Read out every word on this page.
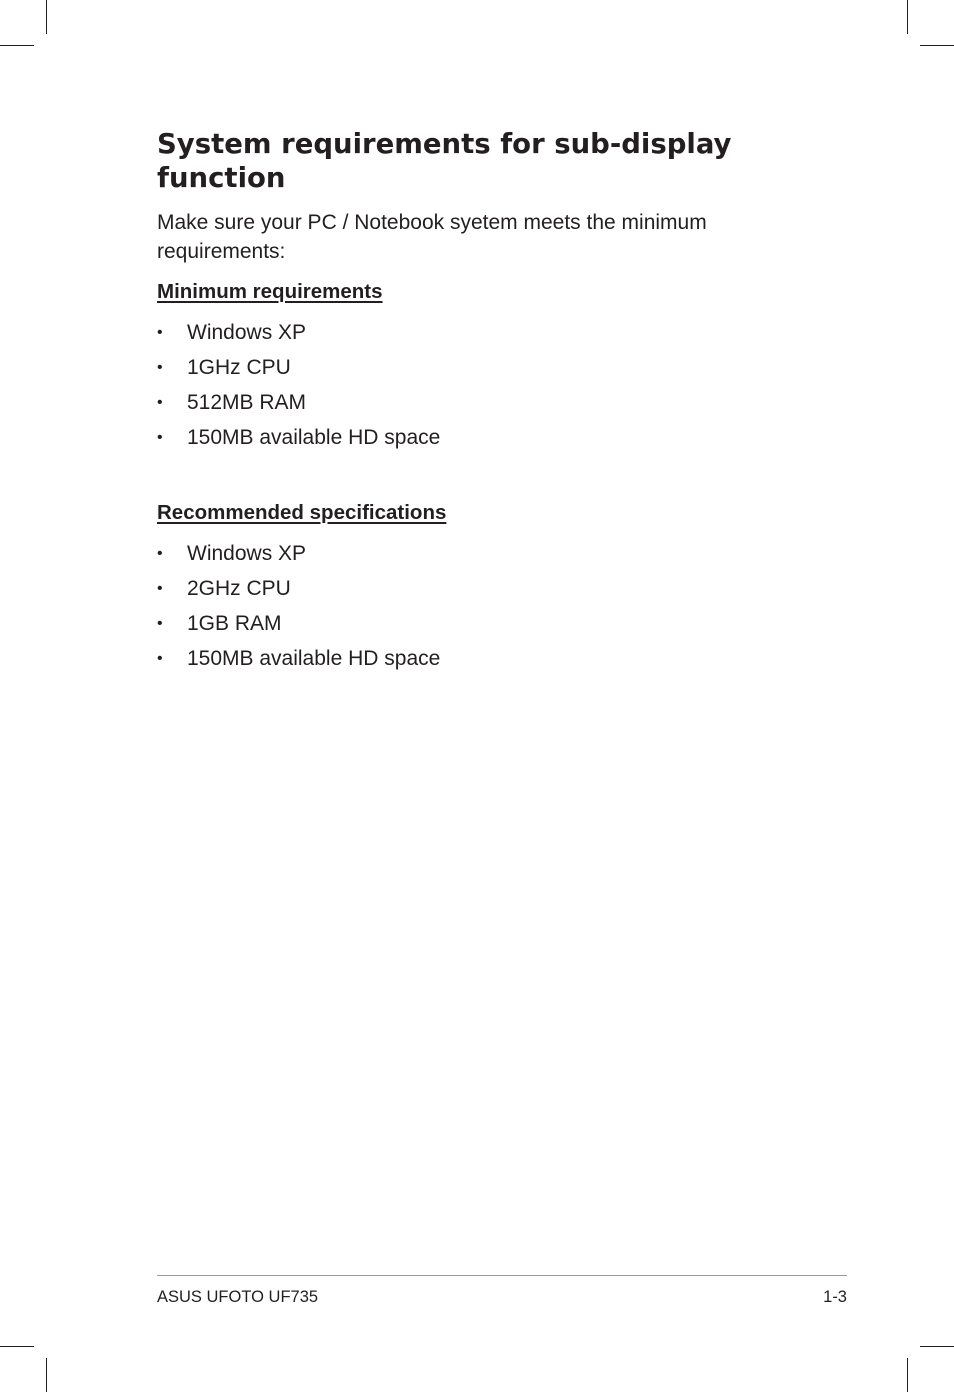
System requirements for sub-display function

Make sure your PC / Notebook syetem meets the minimum requirements:

Minimum requirements
•	Windows XP
•	1GHz CPU
•	512MB RAM
•	150MB available HD space
Recommended specifications
•	Windows XP
•	2GHz CPU
•	1GB RAM
•	150MB available HD space
ASUS UFOTO UF735	1-3
